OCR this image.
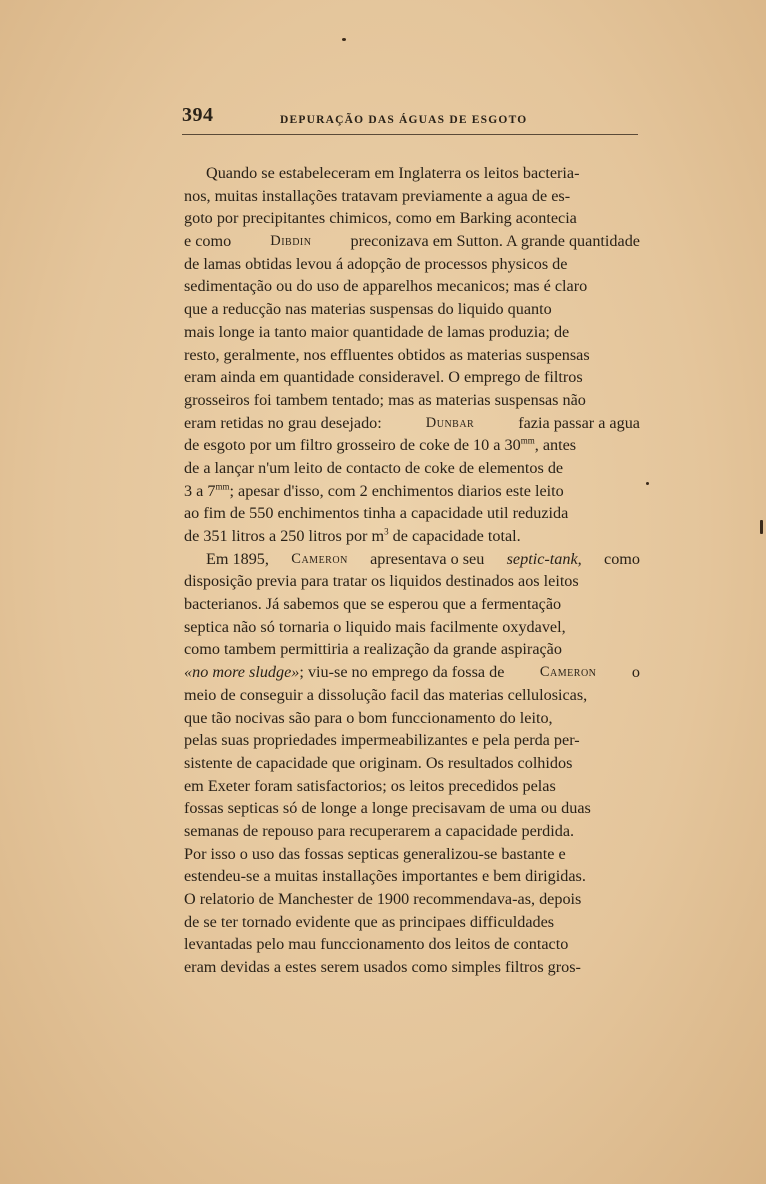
394	DEPURAÇÃO DAS ÁGUAS DE ESGOTO
Quando se estabeleceram em Inglaterra os leitos bacteria-
nos, muitas installações tratavam previamente a agua de es-
goto por precipitantes chimicos, como em Barking acontecia
e como	Dibdin preconizava em Sutton. A grande quantidade
de lamas obtidas levou á adopção de processos physicos de
sedimentação ou do uso de apparelhos mecanicos; mas é claro
que a reducção nas materias suspensas do liquido quanto
mais longe ia tanto maior quantidade de lamas produzia; de
resto, geralmente, nos effluentes obtidos as materias suspensas
eram ainda em quantidade consideravel. O emprego de filtros
grosseiros foi tambem tentado; mas as materias suspensas não
eram retidas no grau desejado:	Dunbar	fazia passar a agua
de esgoto por um filtro grosseiro de coke de 10 a $30^{mm}$, antes
de a lançar n'um leito de contacto de coke de elementos de
3 a $7^{mm}$; apesar d'isso, com 2 enchimentos diarios este leito
ao fim de 550 enchimentos tinha a capacidade util reduzida
de 351 litros a 250 litros por $m^3$ de capacidade total.
Em 1895, Cameron apresentava o seu septic-tank, como
disposição previa para tratar os liquidos destinados aos leitos
bacterianos. Já sabemos que se esperou que a fermentação
septica não só tornaria o liquido mais facilmente oxydavel,
como tambem permittiria a realização da grande aspiração
«no more sludge»; viu-se no emprego da fossa de Cameron o
meio de conseguir a dissolução facil das materias cellulosicas,
que tão nocivas são para o bom funccionamento do leito,
pelas suas propriedades impermeabilizantes e pela perda per-
sistente de capacidade que originam. Os resultados colhidos
em Exeter foram satisfactorios; os leitos precedidos pelas
fossas septicas só de longe a longe precisavam de uma ou duas
semanas de repouso para recuperarem a capacidade perdida.
Por isso o uso das fossas septicas generalizou-se bastante e
estendeu-se a muitas installações importantes e bem dirigidas.
O relatorio de Manchester de 1900 recommendava-as, depois
de se ter tornado evidente que as principaes difficuldades
levantadas pelo mau funccionamento dos leitos de contacto
eram devidas a estes serem usados como simples filtros gros-
